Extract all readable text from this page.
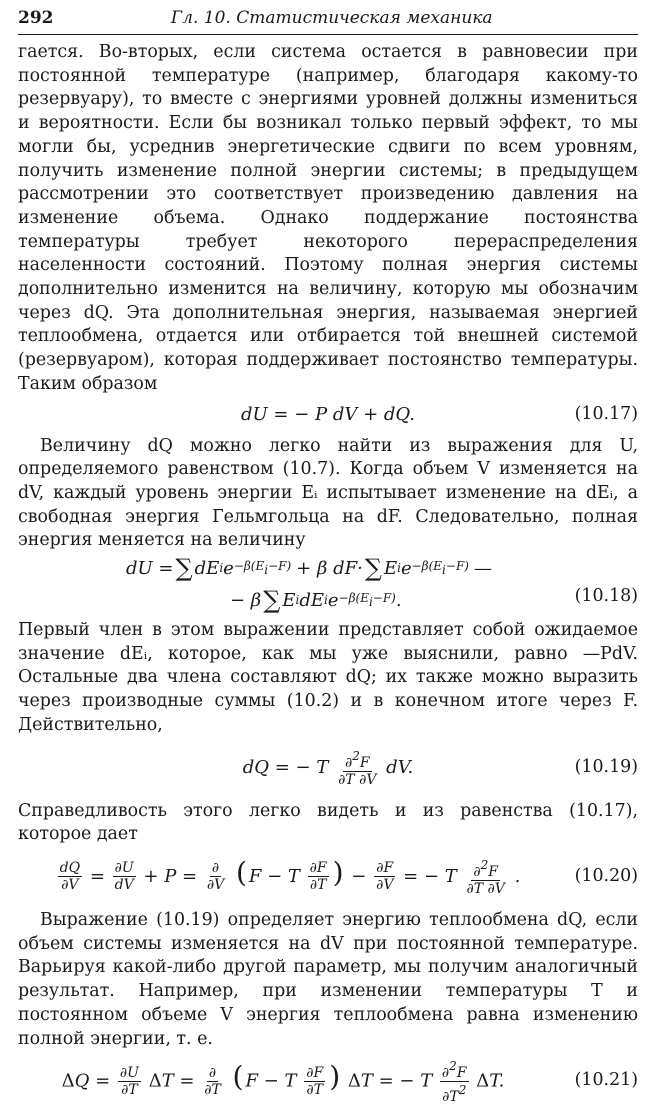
292	Гл. 10. Статистическая механика

гается. Во-вторых, если система остается в равновесии при постоянной температуре (например, благодаря какому-то резервуару), то вместе с энергиями уровней должны измениться и вероятности. Если бы возникал только первый эффект, то мы могли бы, усреднив энергетические сдвиги по всем уровням, получить изменение полной энергии системы; в предыдущем рассмотрении это соответствует произведению давления на изменение объема. Однако поддержание постоянства температуры требует некоторого перераспределения населенности состояний. Поэтому полная энергия системы дополнительно изменится на величину, которую мы обозначим через dQ. Эта дополнительная энергия, называемая энергией теплообмена, отдается или отбирается той внешней системой (резервуаром), которая поддерживает постоянство температуры. Таким образом

dU = − P dV + dQ.	(10.17)

Величину dQ можно легко найти из выражения для U, определяемого равенством (10.7). Когда объем V изменяется на dV, каждый уровень энергии Eᵢ испытывает изменение на dEᵢ, а свободная энергия Гельмгольца на dF. Следовательно, полная энергия меняется на величину

dU = ∑ dE i e −β(Ei−F) + β dF· ∑ E i e −β(Ei−F) —
− β ∑ E i dE i e −β(Ei−F) .	(10.18)

Первый член в этом выражении представляет собой ожидаемое значение dEᵢ, которое, как мы уже выяснили, равно —PdV. Остальные два члена составляют dQ; их также можно выразить через производные суммы (10.2) и в конечном итоге через F. Действительно,

dQ = − T $\frac{\partial 2F}{\partial T \partial V}$ dV.	(10.19)

Справедливость этого легко видеть и из равенства (10.17), которое дает

$\frac{dQ}{\partial V} = \frac{\partial U}{dV} + P = \frac{\partial}{\partial V}$ ( F − T $\frac{\partial F}{\partial T}$ ) − $\frac{\partial F}{\partial V}$ = − T $\frac{\partial 2F}{\partial T \partial V}$ .	(10.20)

Выражение (10.19) определяет энергию теплообмена dQ, если объем системы изменяется на dV при постоянной температуре. Варьируя какой-либо другой параметр, мы получим аналогичный результат. Например, при изменении температуры T и постоянном объеме V энергия теплообмена равна изменению полной энергии, т. е.

$\Delta Q = \frac{\partial U}{\partial T}$ $\Delta T = \frac{\partial}{\partial T}$ ( F − T $\frac{\partial F}{\partial T}$ ) ΔT = − T $\frac{\partial 2F}{\partial T2} \Delta T$.	(10.21)
